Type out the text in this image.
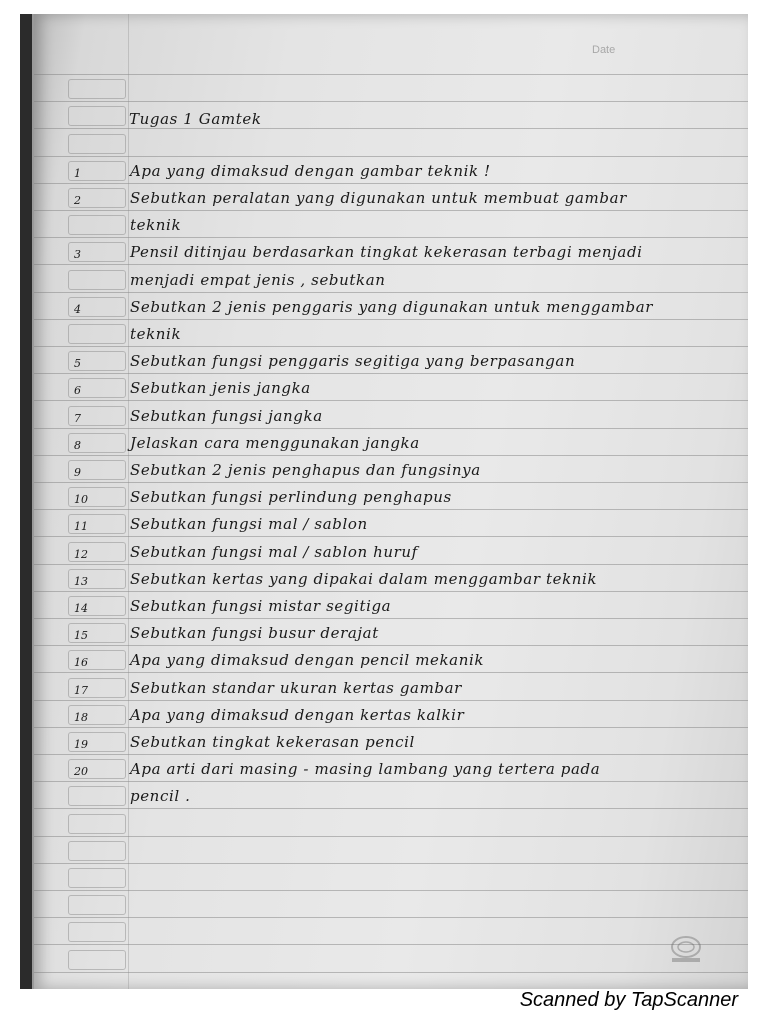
Date
Tugas 1 Gamtek
1	Apa yang dimaksud dengan gambar teknik !
2	Sebutkan peralatan yang digunakan untuk membuat gambar
teknik
3	Pensil ditinjau berdasarkan tingkat kekerasan terbagi menjadi
menjadi empat jenis , sebutkan
4	Sebutkan 2 jenis penggaris yang digunakan untuk menggambar
teknik
5	Sebutkan fungsi penggaris segitiga yang berpasangan
6	Sebutkan jenis jangka
7	Sebutkan fungsi jangka
8	Jelaskan cara menggunakan jangka
9	Sebutkan 2 jenis penghapus dan fungsinya
10	Sebutkan fungsi perlindung penghapus
11	Sebutkan fungsi mal / sablon
12	Sebutkan fungsi mal / sablon huruf
13	Sebutkan kertas yang dipakai dalam menggambar teknik
14	Sebutkan fungsi mistar segitiga
15	Sebutkan fungsi busur derajat
16	Apa yang dimaksud dengan pencil mekanik
17	Sebutkan standar ukuran kertas gambar
18	Apa yang dimaksud dengan kertas kalkir
19	Sebutkan tingkat kekerasan pencil
20	Apa arti dari masing - masing lambang yang tertera pada
pencil .
Scanned by TapScanner
